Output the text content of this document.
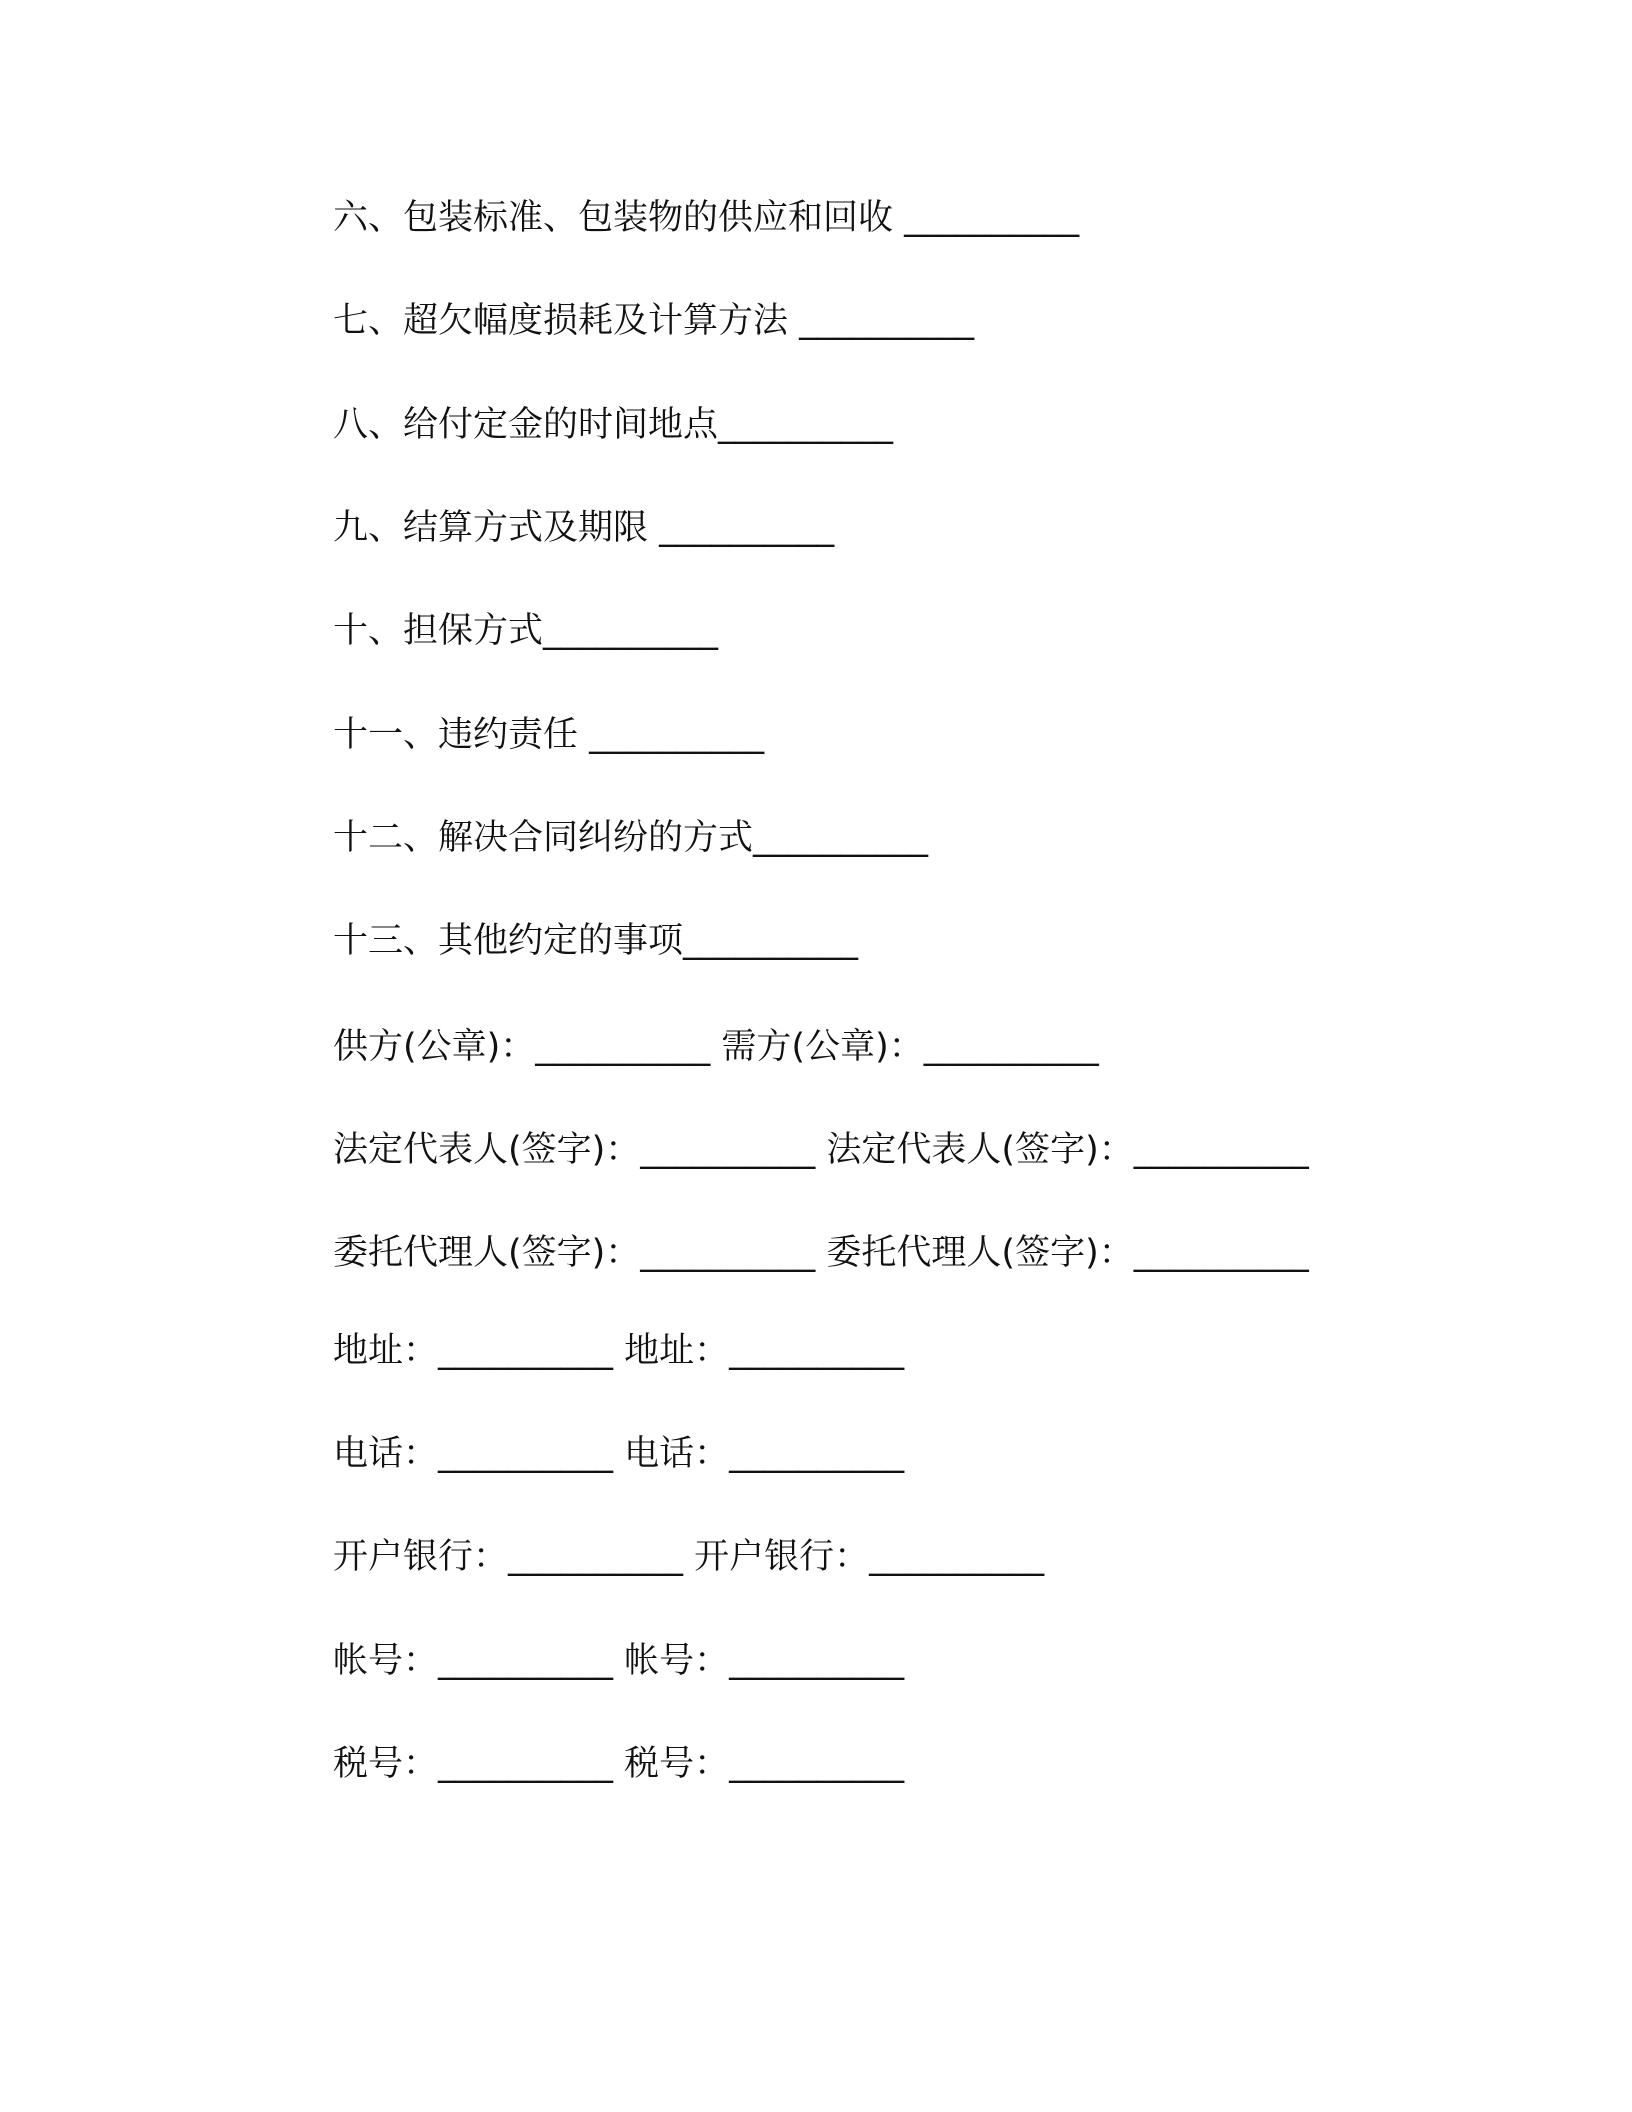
六、包装标准、包装物的供应和回收 __________
七、超欠幅度损耗及计算方法 __________
八、给付定金的时间地点__________
九、结算方式及期限 __________
十、担保方式__________
十一、违约责任 __________
十二、解决合同纠纷的方式__________
十三、其他约定的事项__________
供方(公章)：__________ 需方(公章)：__________
法定代表人(签字)：__________ 法定代表人(签字)：__________
委托代理人(签字)：__________ 委托代理人(签字)：__________
地址：__________ 地址：__________
电话：__________ 电话：__________
开户银行：__________ 开户银行：__________
帐号：__________ 帐号：__________
税号：__________ 税号：__________
